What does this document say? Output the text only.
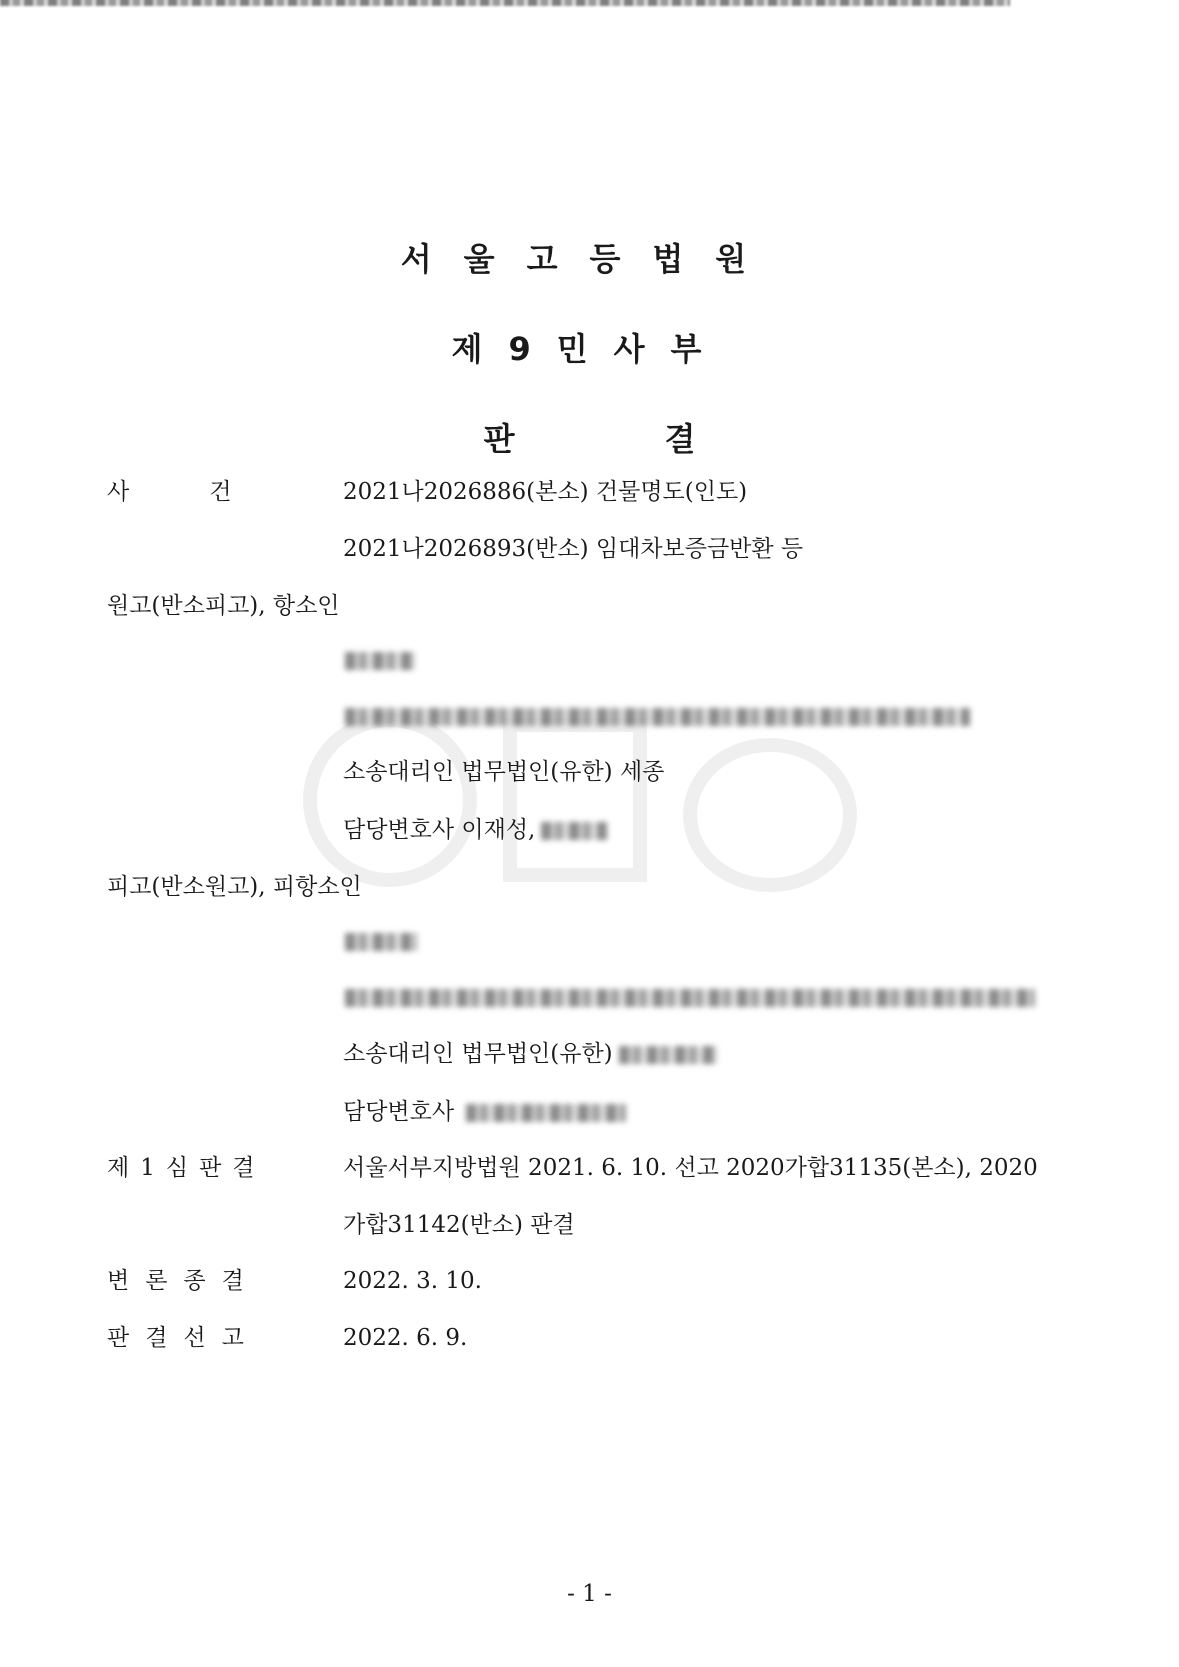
서울고등법원
제9민사부
판결
사건 2021나2026886(본소) 건물명도(인도)
2021나2026893(반소) 임대차보증금반환 등
원고(반소피고), 항소인
소송대리인 법무법인(유한) 세종
담당변호사 이재성,
피고(반소원고), 피항소인
소송대리인 법무법인(유한)
담당변호사
제1심판결	서울서부지방법원 2021. 6. 10. 선고 2020가합31135(본소), 2020
가합31142(반소) 판결
변론종결	2022. 3. 10.
판결선고	2022. 6. 9.
- 1 -
